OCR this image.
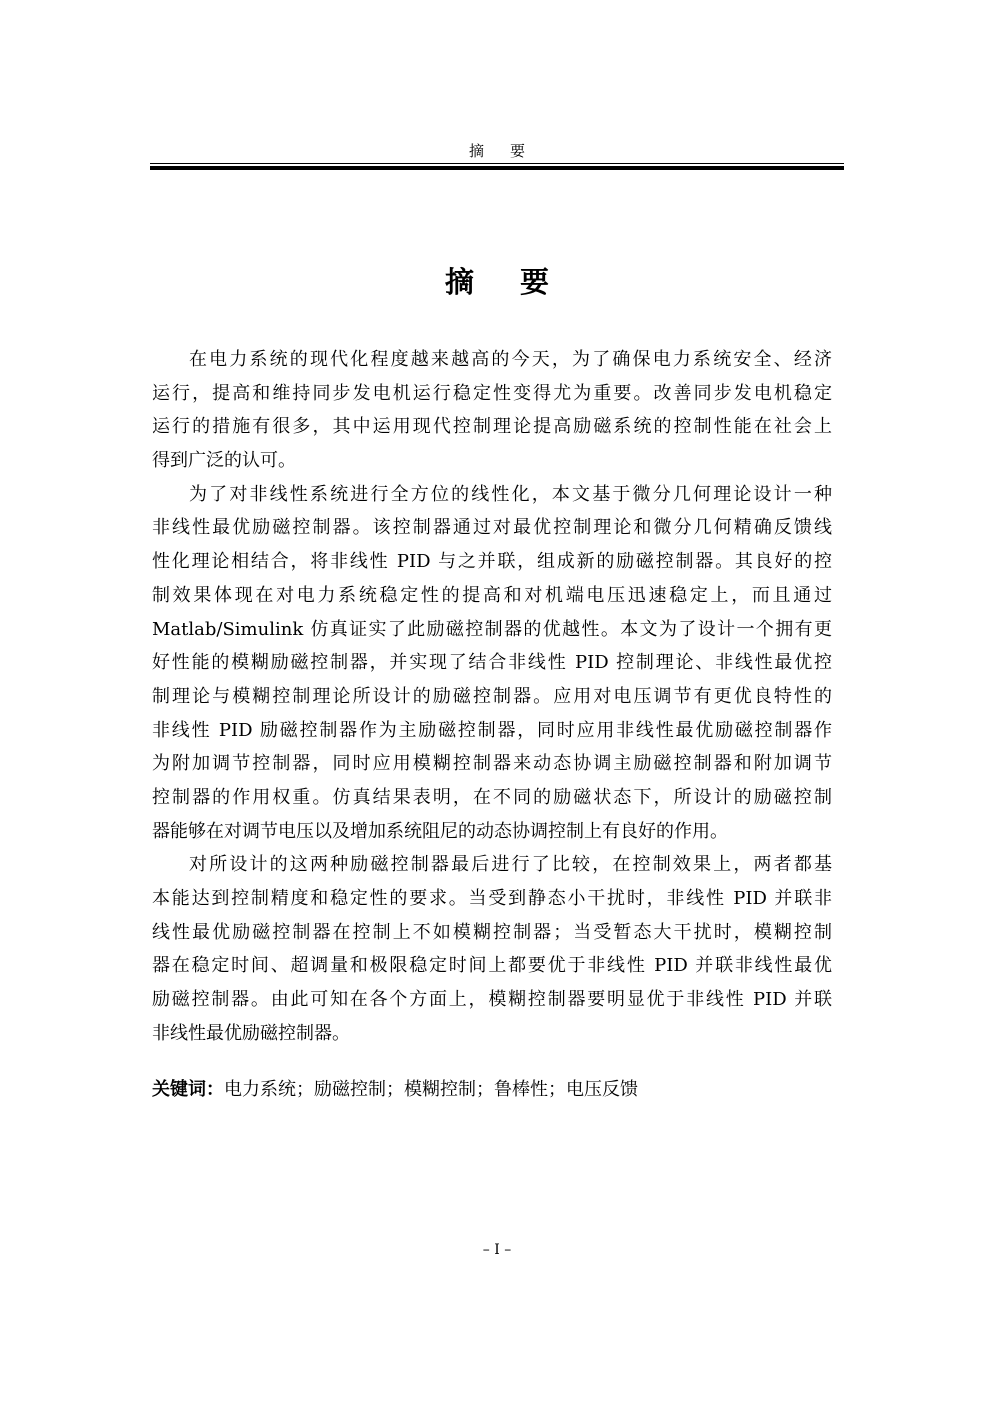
摘 要
摘 要
在电力系统的现代化程度越来越高的今天，为了确保电力系统安全、经济
运行，提高和维持同步发电机运行稳定性变得尤为重要。改善同步发电机稳定
运行的措施有很多，其中运用现代控制理论提高励磁系统的控制性能在社会上
得到广泛的认可。
为了对非线性系统进行全方位的线性化，本文基于微分几何理论设计一种
非线性最优励磁控制器。该控制器通过对最优控制理论和微分几何精确反馈线
性化理论相结合，将非线性 PID 与之并联，组成新的励磁控制器。其良好的控
制效果体现在对电力系统稳定性的提高和对机端电压迅速稳定上，而且通过
Matlab/Simulink 仿真证实了此励磁控制器的优越性。本文为了设计一个拥有更
好性能的模糊励磁控制器，并实现了结合非线性 PID 控制理论、非线性最优控
制理论与模糊控制理论所设计的励磁控制器。应用对电压调节有更优良特性的
非线性 PID 励磁控制器作为主励磁控制器，同时应用非线性最优励磁控制器作
为附加调节控制器，同时应用模糊控制器来动态协调主励磁控制器和附加调节
控制器的作用权重。仿真结果表明，在不同的励磁状态下，所设计的励磁控制
器能够在对调节电压以及增加系统阻尼的动态协调控制上有良好的作用。
对所设计的这两种励磁控制器最后进行了比较，在控制效果上，两者都基
本能达到控制精度和稳定性的要求。当受到静态小干扰时，非线性 PID 并联非
线性最优励磁控制器在控制上不如模糊控制器；当受暂态大干扰时，模糊控制
器在稳定时间、超调量和极限稳定时间上都要优于非线性 PID 并联非线性最优
励磁控制器。由此可知在各个方面上，模糊控制器要明显优于非线性 PID 并联
非线性最优励磁控制器。
关键词：电力系统；励磁控制；模糊控制；鲁棒性；电压反馈
– I –
